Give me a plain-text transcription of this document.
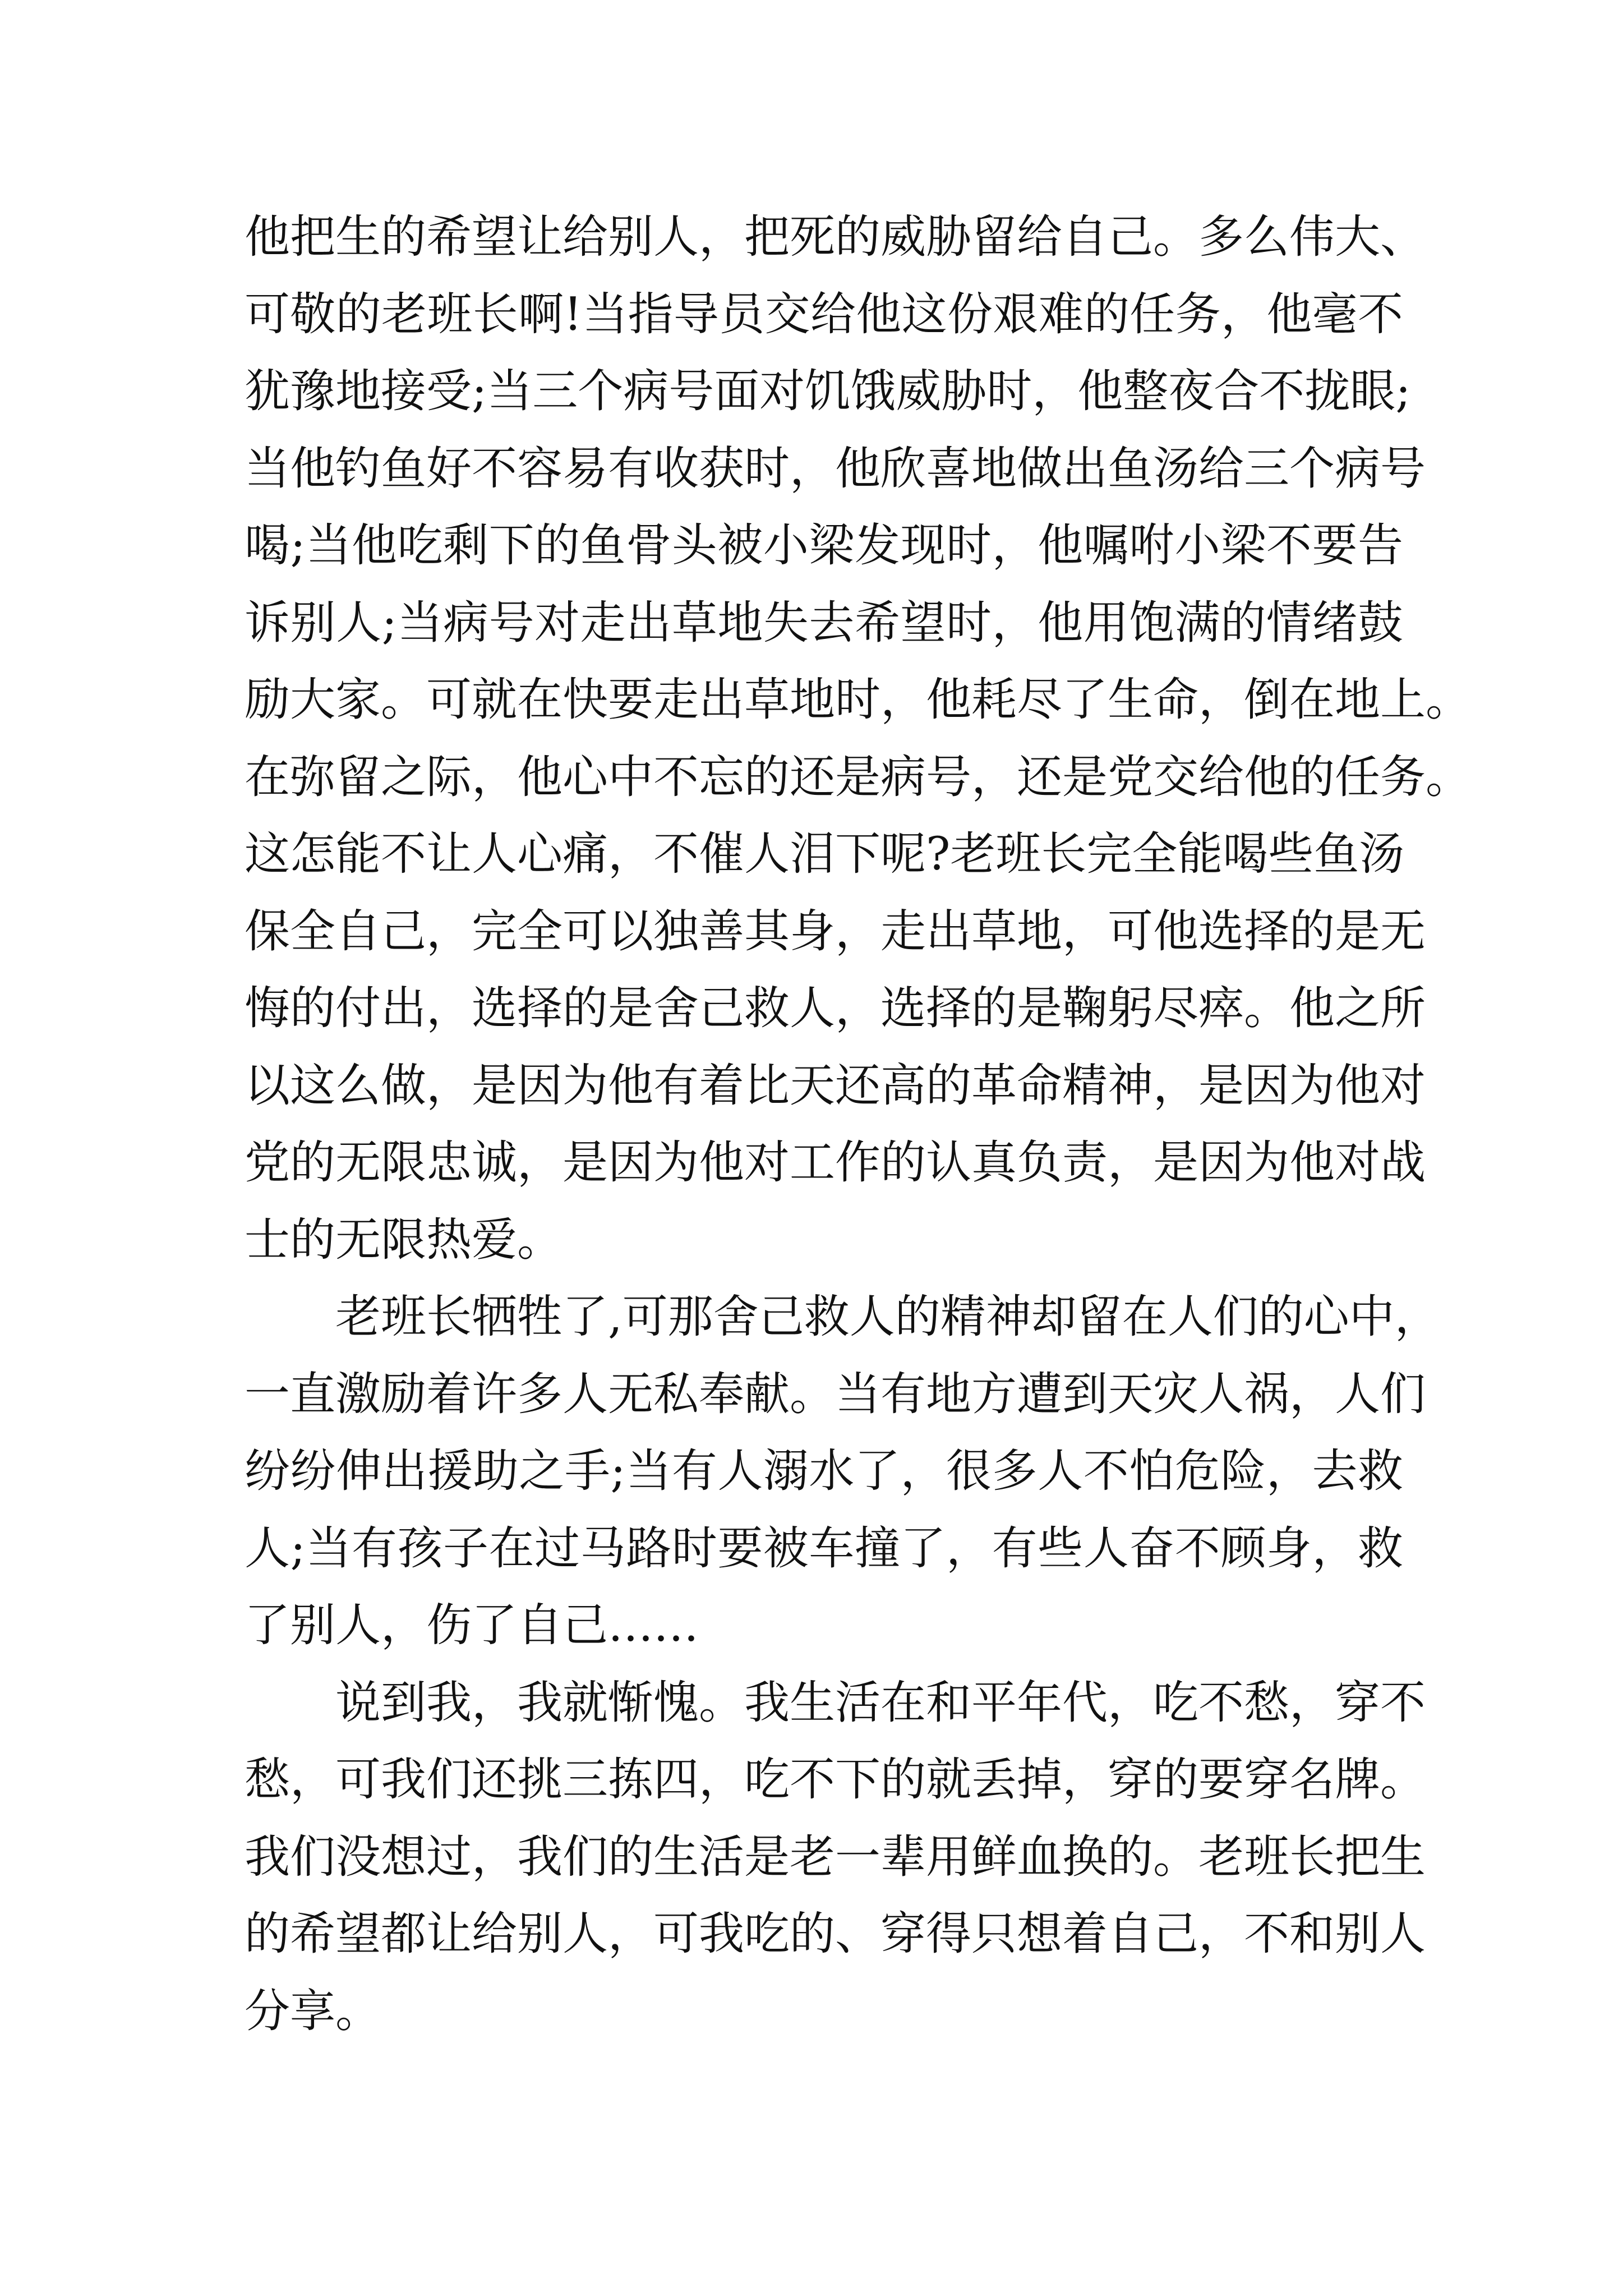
他把生的希望让给别人，把死的威胁留给自己。多么伟大、
可敬的老班长啊!当指导员交给他这份艰难的任务，他毫不
犹豫地接受;当三个病号面对饥饿威胁时，他整夜合不拢眼;
当他钓鱼好不容易有收获时，他欣喜地做出鱼汤给三个病号
喝;当他吃剩下的鱼骨头被小梁发现时，他嘱咐小梁不要告
诉别人;当病号对走出草地失去希望时，他用饱满的情绪鼓
励大家。可就在快要走出草地时，他耗尽了生命，倒在地上。
在弥留之际，他心中不忘的还是病号，还是党交给他的任务。
这怎能不让人心痛，不催人泪下呢?老班长完全能喝些鱼汤
保全自己，完全可以独善其身，走出草地，可他选择的是无
悔的付出，选择的是舍己救人，选择的是鞠躬尽瘁。他之所
以这么做，是因为他有着比天还高的革命精神，是因为他对
党的无限忠诚，是因为他对工作的认真负责，是因为他对战
士的无限热爱。
老班长牺牲了,可那舍己救人的精神却留在人们的心中，
一直激励着许多人无私奉献。当有地方遭到天灾人祸，人们
纷纷伸出援助之手;当有人溺水了，很多人不怕危险，去救
人;当有孩子在过马路时要被车撞了，有些人奋不顾身，救
了别人，伤了自己……
说到我，我就惭愧。我生活在和平年代，吃不愁，穿不
愁，可我们还挑三拣四，吃不下的就丢掉，穿的要穿名牌。
我们没想过，我们的生活是老一辈用鲜血换的。老班长把生
的希望都让给别人，可我吃的、穿得只想着自己，不和别人
分享。
